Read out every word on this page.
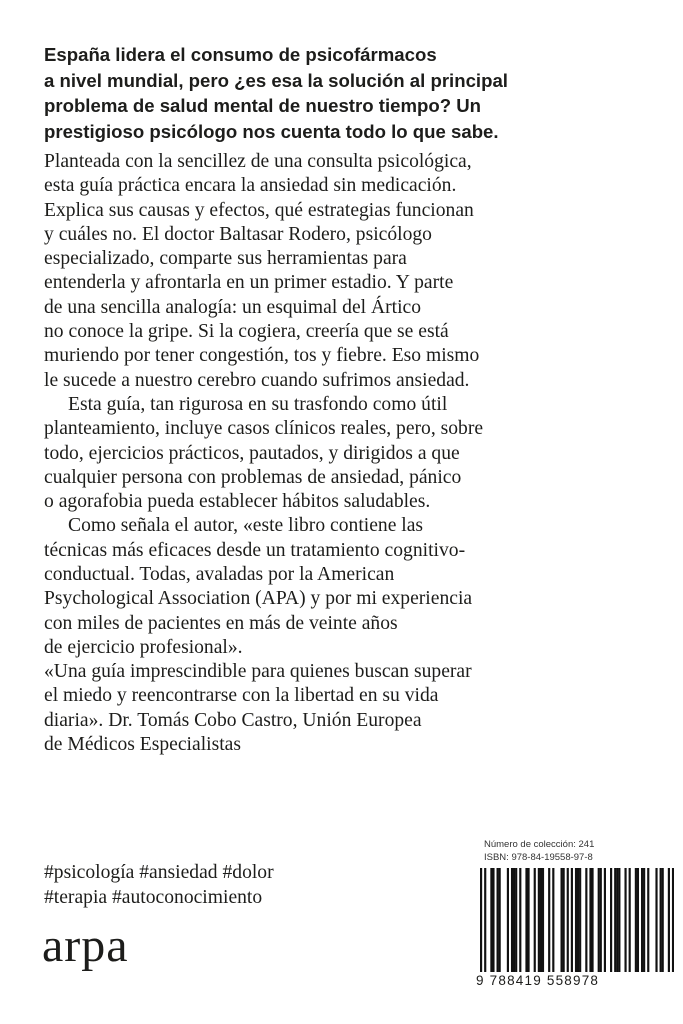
España lidera el consumo de psicofármacos
a nivel mundial, pero ¿es esa la solución al principal
problema de salud mental de nuestro tiempo? Un
prestigioso psicólogo nos cuenta todo lo que sabe.
Planteada con la sencillez de una consulta psicológica,
esta guía práctica encara la ansiedad sin medicación.
Explica sus causas y efectos, qué estrategias funcionan
y cuáles no. El doctor Baltasar Rodero, psicólogo
especializado, comparte sus herramientas para
entenderla y afrontarla en un primer estadio. Y parte
de una sencilla analogía: un esquimal del Ártico
no conoce la gripe. Si la cogiera, creería que se está
muriendo por tener congestión, tos y fiebre. Eso mismo
le sucede a nuestro cerebro cuando sufrimos ansiedad.
Esta guía, tan rigurosa en su trasfondo como útil
planteamiento, incluye casos clínicos reales, pero, sobre
todo, ejercicios prácticos, pautados, y dirigidos a que
cualquier persona con problemas de ansiedad, pánico
o agorafobia pueda establecer hábitos saludables.
Como señala el autor, «este libro contiene las
técnicas más eficaces desde un tratamiento cognitivo-
conductual. Todas, avaladas por la American
Psychological Association (APA) y por mi experiencia
con miles de pacientes en más de veinte años
de ejercicio profesional».
«Una guía imprescindible para quienes buscan superar
el miedo y reencontrarse con la libertad en su vida
diaria». Dr. Tomás Cobo Castro, Unión Europea
de Médicos Especialistas
#psicología #ansiedad #dolor
#terapia #autoconocimiento
arpa
Número de colección: 241
ISBN: 978-84-19558-97-8
9 788419 558978
